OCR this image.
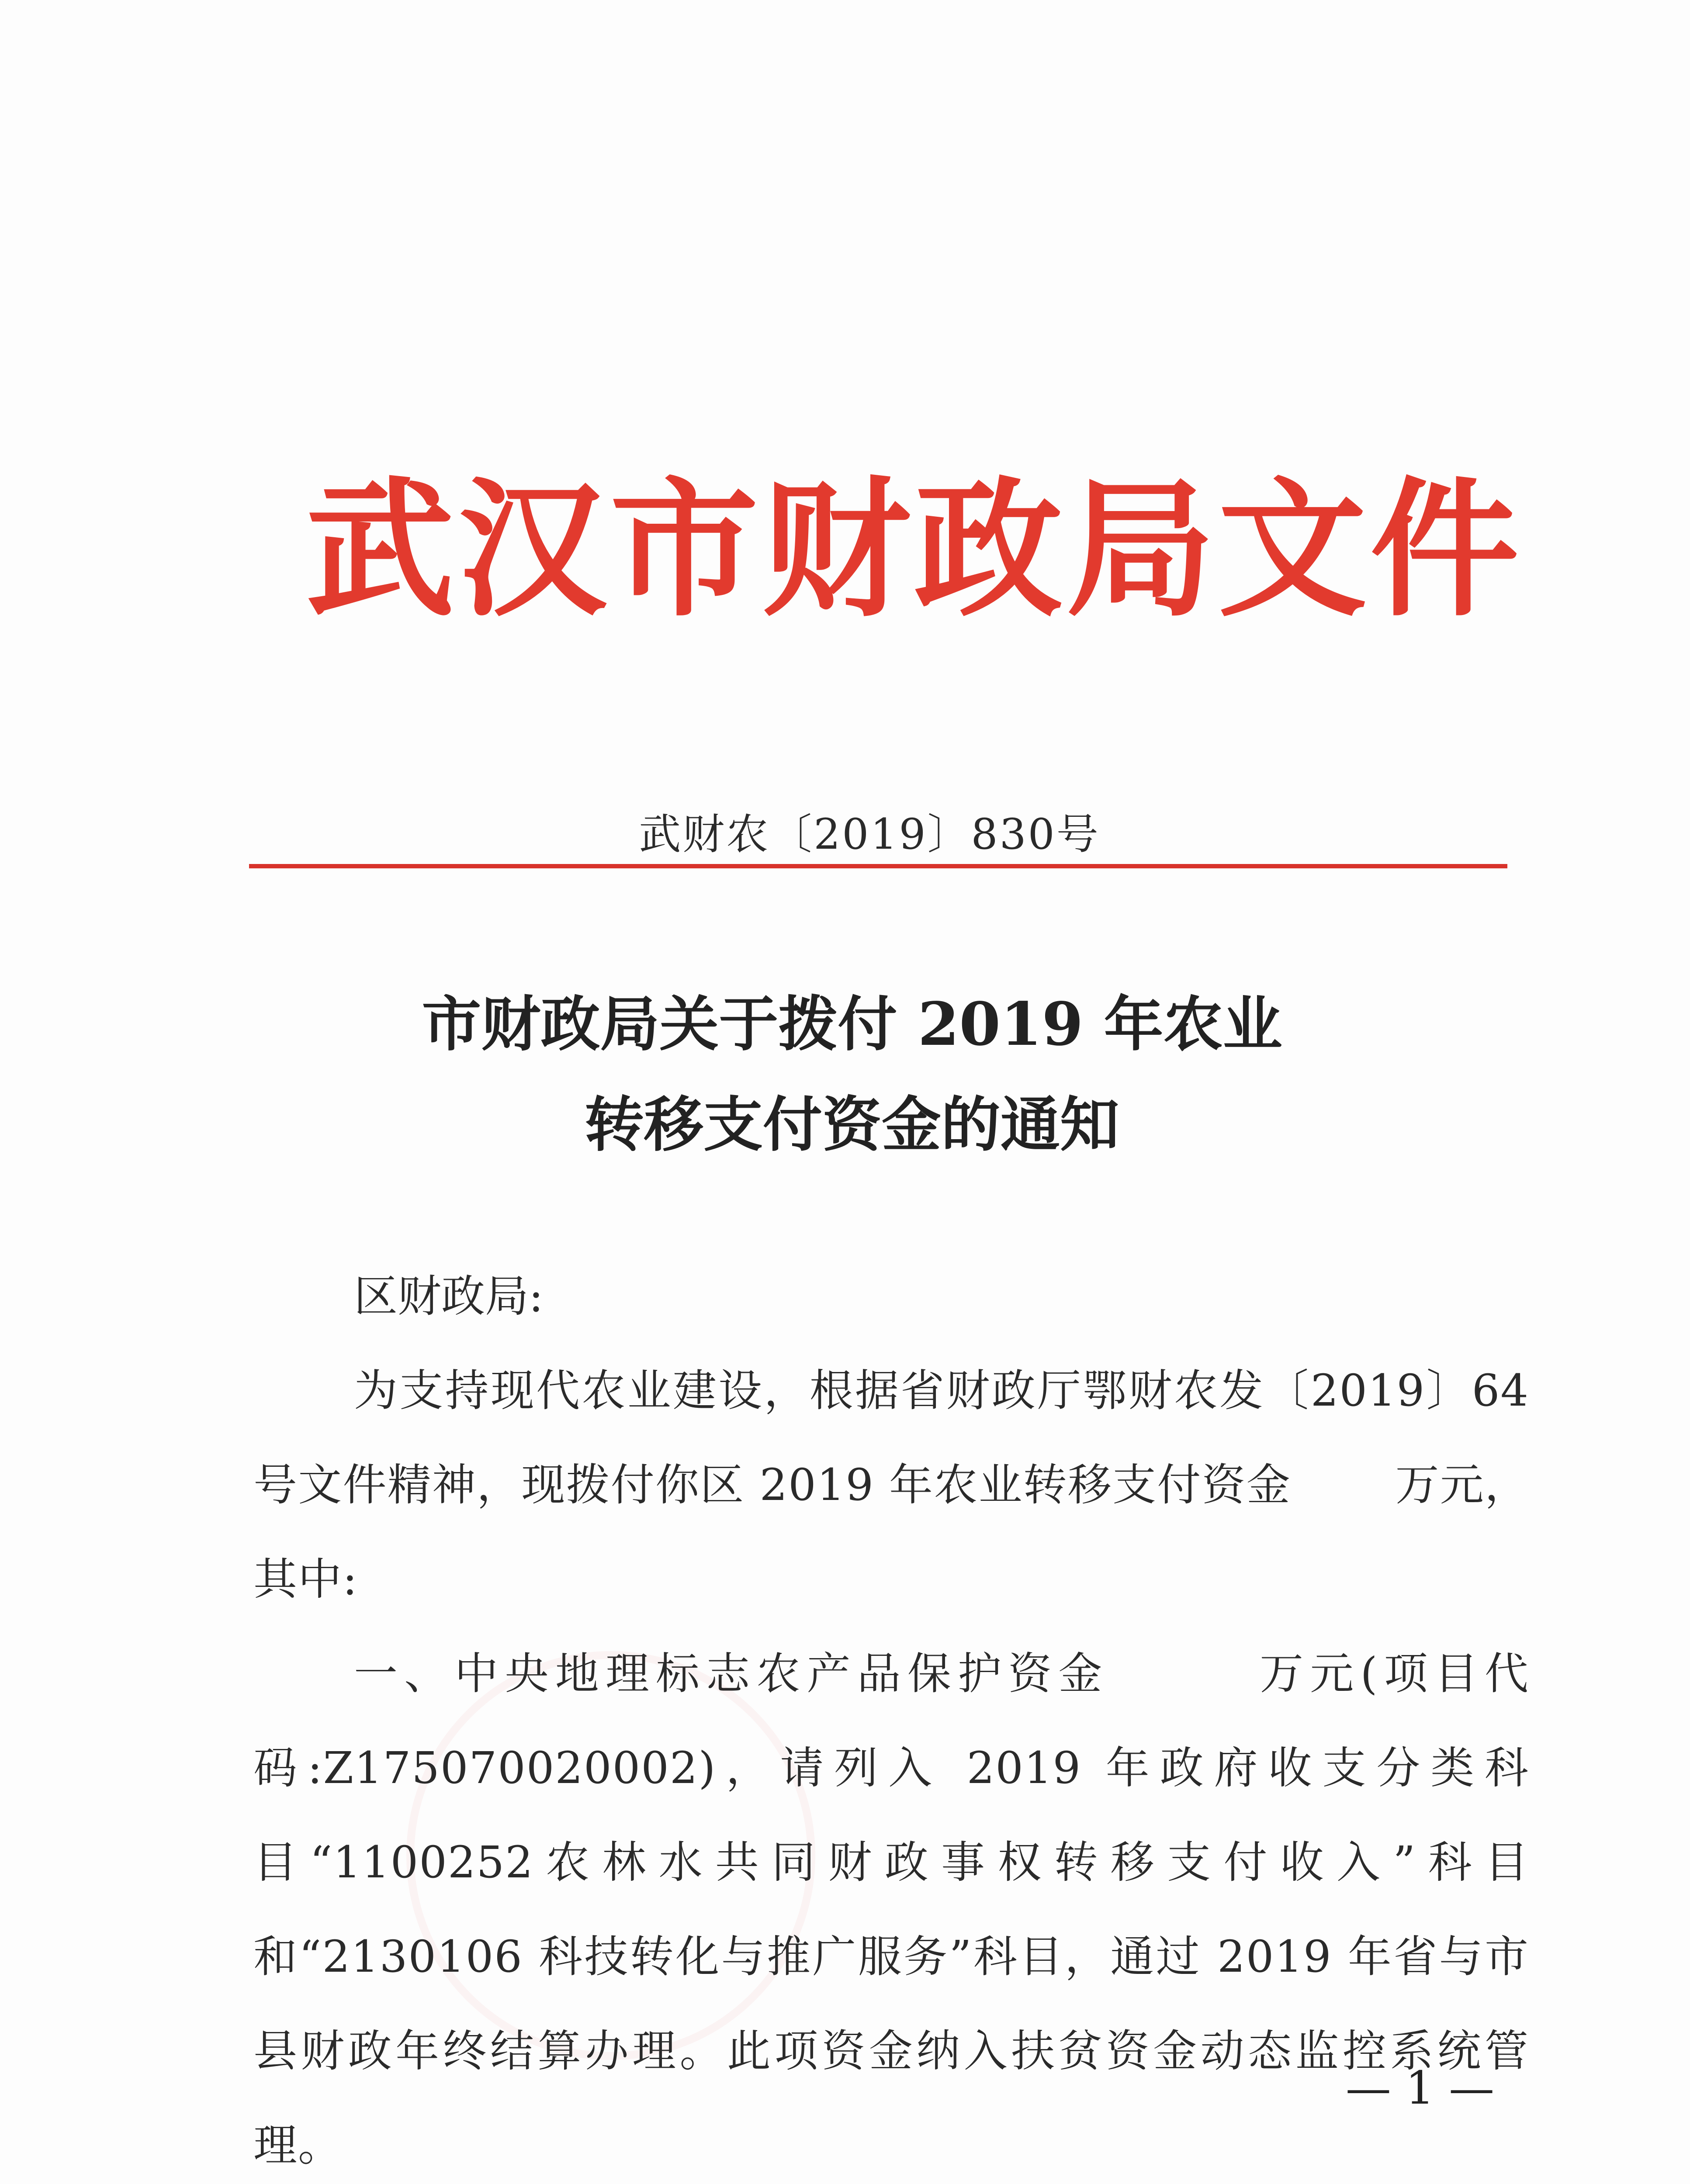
武汉市财政局文件
武财农〔2019〕830号
市财政局关于拨付 2019 年农业
转移支付资金的通知

区财政局:

为支持现代农业建设，根据省财政厅鄂财农发〔2019〕64号文件精神，现拨付你区 2019 年农业转移支付资金　　 万元，其中:

一、中央地理标志农产品保护资金　　　万元(项目代码:Z175070020002)，请列入 2019 年政府收支分类科目“1100252农林水共同财政事权转移支付收入”科目和“2130106 科技转化与推广服务”科目，通过 2019 年省与市县财政年终结算办理。此项资金纳入扶贫资金动态监控系统管理。

— 1 —
